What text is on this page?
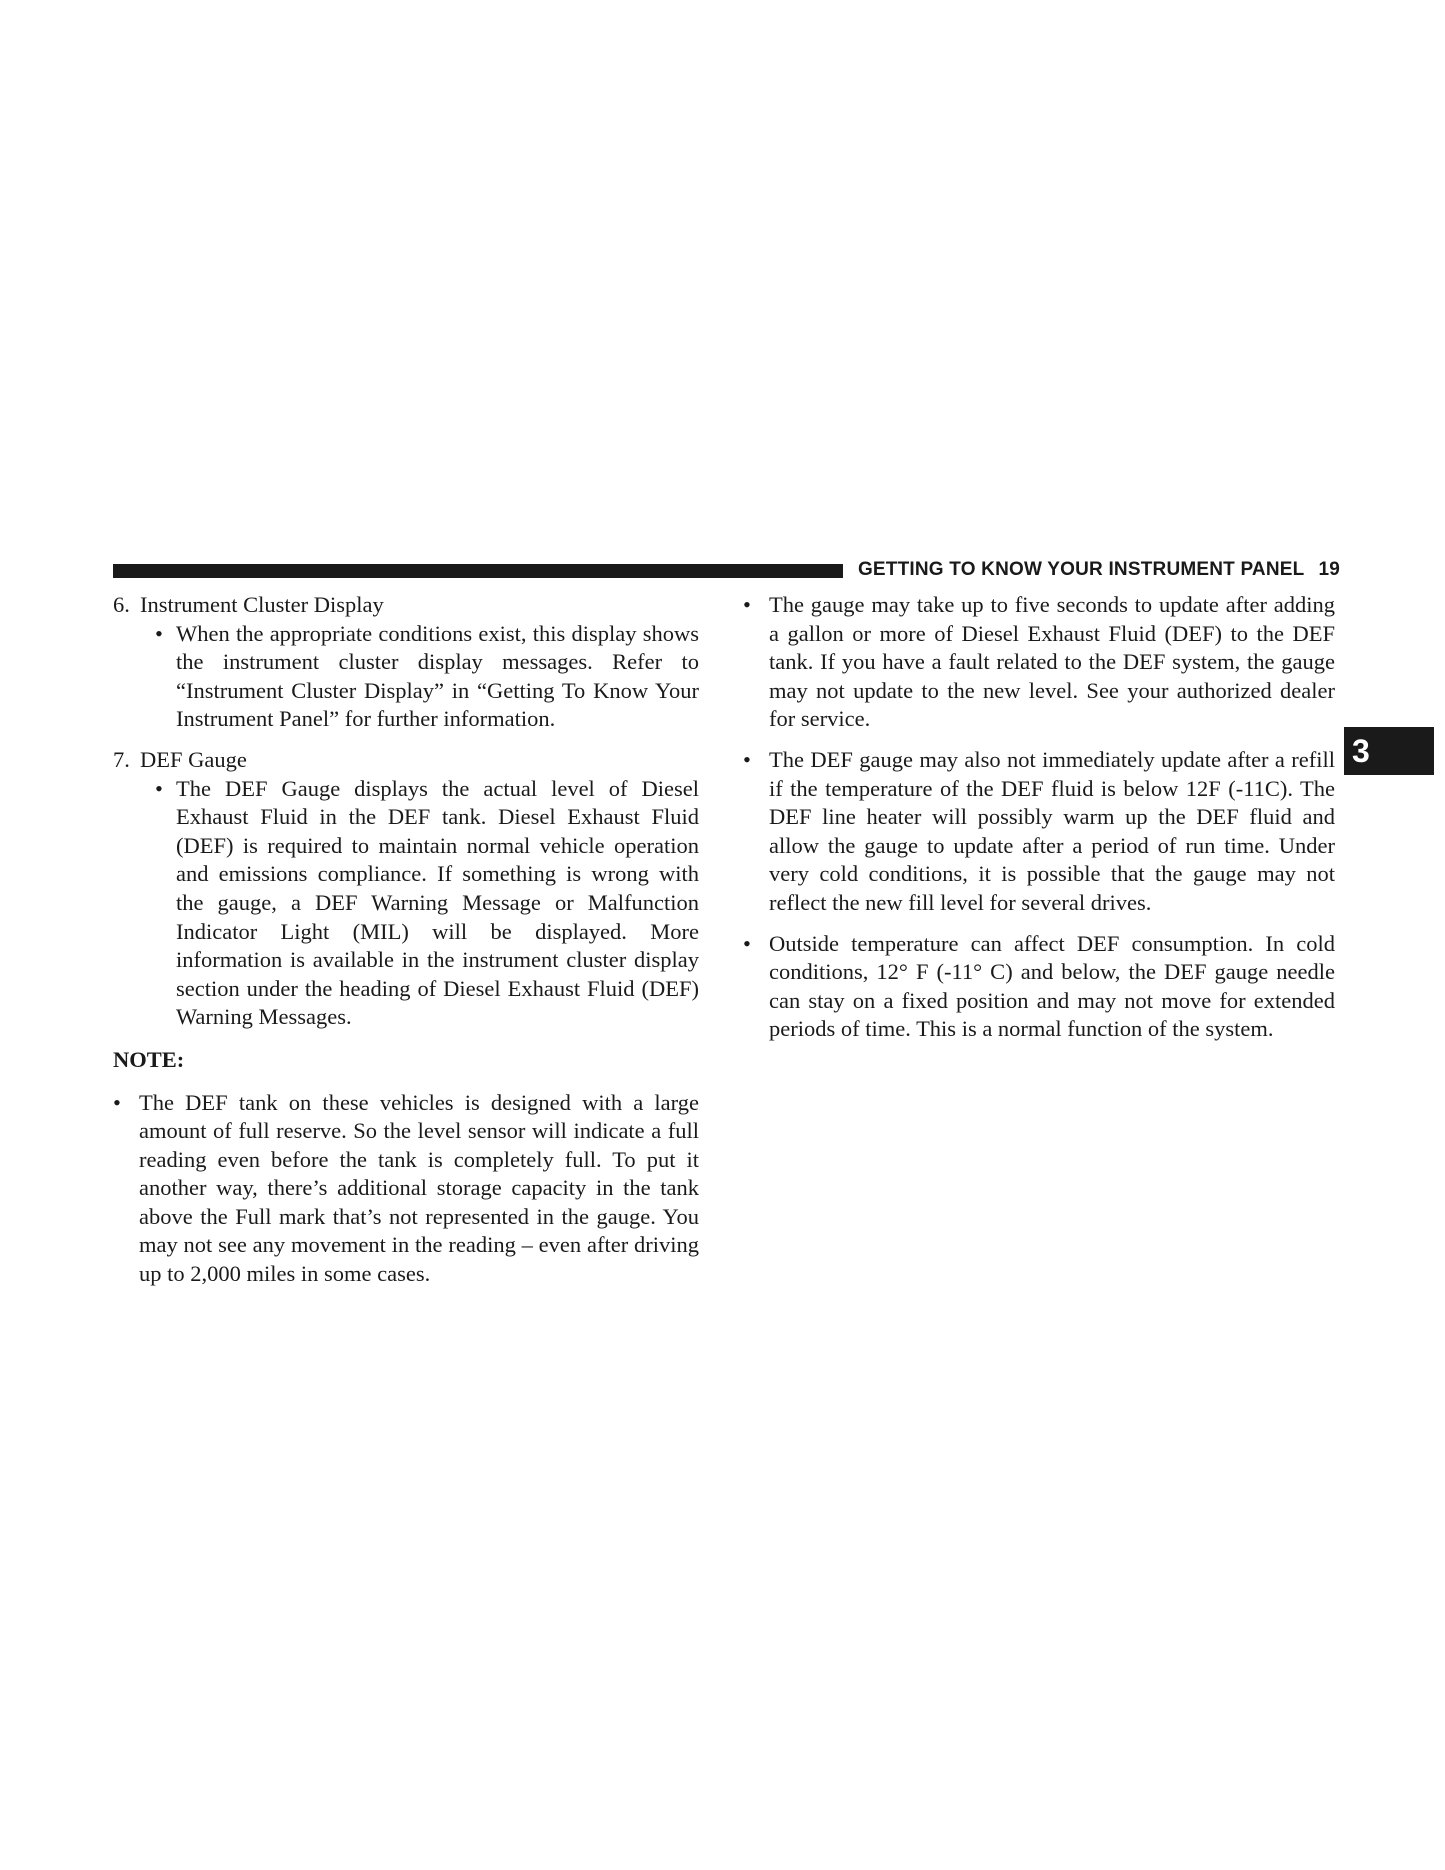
GETTING TO KNOW YOUR INSTRUMENT PANEL 19
3

6. Instrument Cluster Display

• When the appropriate conditions exist, this display shows the instrument cluster display messages. Refer to “Instrument Cluster Display” in “Getting To Know Your Instrument Panel” for further information.

7. DEF Gauge

• The DEF Gauge displays the actual level of Diesel Exhaust Fluid in the DEF tank. Diesel Exhaust Fluid (DEF) is required to maintain normal vehicle operation and emissions compliance. If something is wrong with the gauge, a DEF Warning Message or Malfunction Indicator Light (MIL) will be displayed. More information is available in the instrument cluster display section under the heading of Diesel Exhaust Fluid (DEF) Warning Messages.

NOTE:

• The DEF tank on these vehicles is designed with a large amount of full reserve. So the level sensor will indicate a full reading even before the tank is completely full. To put it another way, there’s additional storage capacity in the tank above the Full mark that’s not represented in the gauge. You may not see any movement in the reading – even after driving up to 2,000 miles in some cases.

• The gauge may take up to five seconds to update after adding a gallon or more of Diesel Exhaust Fluid (DEF) to the DEF tank. If you have a fault related to the DEF system, the gauge may not update to the new level. See your authorized dealer for service.

• The DEF gauge may also not immediately update after a refill if the temperature of the DEF fluid is below 12F (-11C). The DEF line heater will possibly warm up the DEF fluid and allow the gauge to update after a period of run time. Under very cold conditions, it is possible that the gauge may not reflect the new fill level for several drives.

• Outside temperature can affect DEF consumption. In cold conditions, 12° F (-11° C) and below, the DEF gauge needle can stay on a fixed position and may not move for extended periods of time. This is a normal function of the system.
